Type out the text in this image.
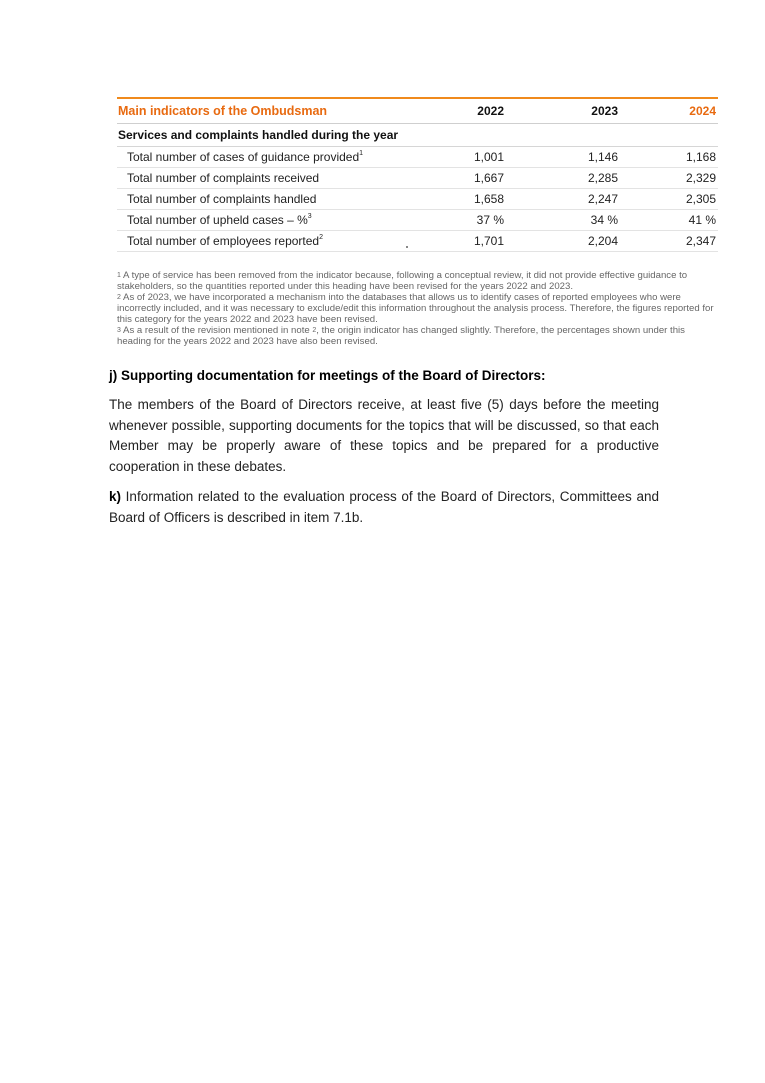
Main indicators of the Ombudsman	2022	2023	2024
Services and complaints handled during the year
Total number of cases of guidance provided$^1$	1,001	1,146	1,168
Total number of complaints received	1,667	2,285	2,329
Total number of complaints handled	1,658	2,247	2,305
Total number of upheld cases – %$^3$	37 %	34 %	41 %
Total number of employees reported$^2$	1,701	2,204	2,347

$^1$ A type of service has been removed from the indicator because, following a conceptual review, it did not provide effective guidance to stakeholders, so the quantities reported under this heading have been revised for the years 2022 and 2023.

$^2$ As of 2023, we have incorporated a mechanism into the databases that allows us to identify cases of reported employees who were incorrectly included, and it was necessary to exclude/edit this information throughout the analysis process. Therefore, the figures reported for this category for the years 2022 and 2023 have been revised.

$^3$ As a result of the revision mentioned in note $^2$, the origin indicator has changed slightly. Therefore, the percentages shown under this heading for the years 2022 and 2023 have also been revised.

j) Supporting documentation for meetings of the Board of Directors:
The members of the Board of Directors receive, at least five (5) days before the meeting whenever possible, supporting documents for the topics that will be discussed, so that each Member may be properly aware of these topics and be prepared for a productive cooperation in these debates.
k) Information related to the evaluation process of the Board of Directors, Committees and Board of Officers is described in item 7.1b.
